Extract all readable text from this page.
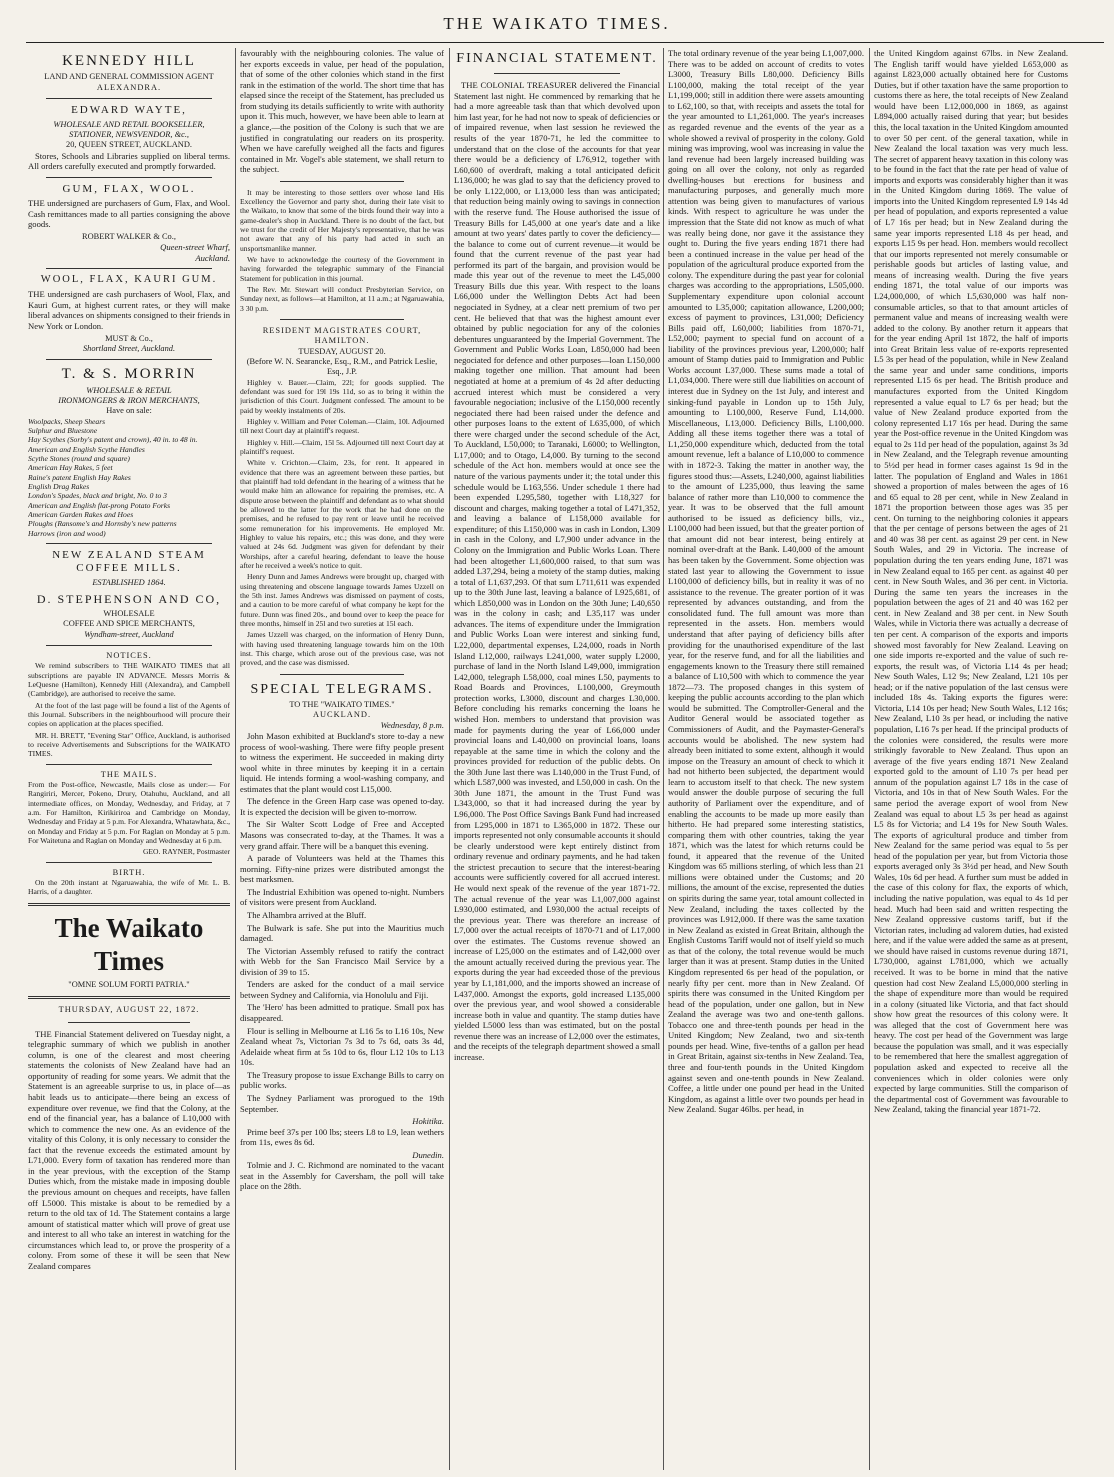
THE WAIKATO TIMES.
KENNEDY HILL
LAND AND GENERAL COMMISSION AGENT
ALEXANDRA.
EDWARD WAYTE,
WHOLESALE AND RETAIL BOOKSELLER,
STATIONER, NEWSVENDOR, &c.,
20, QUEEN STREET, AUCKLAND.

Stores, Schools and Libraries supplied on liberal terms. All orders carefully executed and promptly forwarded.

GUM, FLAX, WOOL.

THE undersigned are purchasers of Gum, Flax, and Wool. Cash remittances made to all parties consigning the above goods.

ROBERT WALKER & Co.,
Queen-street Wharf,
Auckland.
WOOL, FLAX, KAURI GUM.

THE undersigned are cash purchasers of Wool, Flax, and Kauri Gum, at highest current rates, or they will make liberal advances on shipments consigned to their friends in New York or London.

MUST & Co.,
Shortland Street, Auckland.
T. & S. MORRIN
WHOLESALE & RETAIL
IRONMONGERS & IRON MERCHANTS,
Have on sale:
Woolpacks, Sheep Shears
Sulphur and Bluestone
Hay Scythes (Sorby's patent and crown), 40 in. to 48 in.
American and English Scythe Handles
Scythe Stones (round and square)
American Hay Rakes, 5 feet
Raine's patent English Hay Rakes
English Drag Rakes
London's Spades, black and bright, No. 0 to 3
American and English flat-prong Potato Forks
American Garden Rakes and Hoes
Ploughs (Ransome's and Hornsby's new patterns
Harrows (iron and wood)
NEW ZEALAND STEAM COFFEE MILLS.
ESTABLISHED 1864.
D. STEPHENSON AND CO,
WHOLESALE
COFFEE AND SPICE MERCHANTS,
Wyndham-street, Auckland
NOTICES.

We remind subscribers to THE WAIKATO TIMES that all subscriptions are payable IN ADVANCE. Messrs Morris & LeQuesne (Hamilton), Kennedy Hill (Alexandra), and Campbell (Cambridge), are authorised to receive the same.

At the foot of the last page will be found a list of the Agents of this Journal. Subscribers in the neighbourhood will procure their copies on application at the places specified.

MR. H. BRETT, "Evening Star" Office, Auckland, is authorised to receive Advertisements and Subscriptions for the WAIKATO TIMES.

THE MAILS.

From the Post-office, Newcastle, Mails close as under:— For Rangiriri, Mercer, Pokeno, Drury, Otahuhu, Auckland, and all intermediate offices, on Monday, Wednesday, and Friday, at 7 a.m. For Hamilton, Kirikiriroa and Cambridge on Monday, Wednesday and Friday at 5 p.m. For Alexandra, Whatawhata, &c., on Monday and Friday at 5 p.m. For Raglan on Monday at 5 p.m. For Waitetuna and Raglan on Monday and Wednesday at 6 p.m.

GEO. RAYNER, Postmaster
BIRTH.

On the 20th instant at Ngaruawahia, the wife of Mr. L. B. Harris, of a daughter.

The Waikato Times
"OMNE SOLUM FORTI PATRIA."
THURSDAY, AUGUST 22, 1872.

THE Financial Statement delivered on Tuesday night, a telegraphic summary of which we publish in another column, is one of the clearest and most cheering statements the colonists of New Zealand have had an opportunity of reading for some years. We admit that the Statement is an agreeable surprise to us, in place of—as habit leads us to anticipate—there being an excess of expenditure over revenue, we find that the Colony, at the end of the financial year, has a balance of L10,000 with which to commence the new one. As an evidence of the vitality of this Colony, it is only necessary to consider the fact that the revenue exceeds the estimated amount by L71,000. Every form of taxation has rendered more than in the year previous, with the exception of the Stamp Duties which, from the mistake made in imposing double the previous amount on cheques and receipts, have fallen off L5000. This mistake is about to be remedied by a return to the old tax of 1d. The Statement contains a large amount of statistical matter which will prove of great use and interest to all who take an interest in watching for the circumstances which lead to, or prove the prosperity of a colony. From some of these it will be seen that New Zealand compares

favourably with the neighbouring colonies. The value of her exports exceeds in value, per head of the population, that of some of the other colonies which stand in the first rank in the estimation of the world. The short time that has elapsed since the receipt of the Statement, has precluded us from studying its details sufficiently to write with authority upon it. This much, however, we have been able to learn at a glance,—the position of the Colony is such that we are justified in congratulating our readers on its prosperity. When we have carefully weighed all the facts and figures contained in Mr. Vogel's able statement, we shall return to the subject.

It may be interesting to those settlers over whose land His Excellency the Governor and party shot, during their late visit to the Waikato, to know that some of the birds found their way into a game-dealer's shop in Auckland. There is no doubt of the fact, but we trust for the credit of Her Majesty's representative, that he was not aware that any of his party had acted in such an unsportsmanlike manner.

We have to acknowledge the courtesy of the Government in having forwarded the telegraphic summary of the Financial Statement for publication in this journal.

The Rev. Mr. Stewart will conduct Presbyterian Service, on Sunday next, as follows—at Hamilton, at 11 a.m.; at Ngaruawahia, 3 30 p.m.

RESIDENT MAGISTRATES COURT,
HAMILTON.
TUESDAY, AUGUST 20.
(Before W. N. Searancke, Esq., R.M., and Patrick Leslie, Esq., J.P.

Highley v. Bauer.—Claim, 22l; for goods supplied. The defendant was sued for 19l 19s 11d, so as to bring it within the jurisdiction of this Court. Judgment confessed. The amount to be paid by weekly instalments of 20s.

Highley v. William and Peter Coleman.—Claim, 10l. Adjourned till next Court day at plaintiff's request.

Highley v. Hill.—Claim, 15l 5s. Adjourned till next Court day at plaintiff's request.

White v. Crichton.—Claim, 23s, for rent. It appeared in evidence that there was an agreement between these parties, but that plaintiff had told defendant in the hearing of a witness that he would make him an allowance for repairing the premises, etc. A dispute arose between the plaintiff and defendant as to what should be allowed to the latter for the work that he had done on the premises, and he refused to pay rent or leave until he received some remuneration for his improvements. He employed Mr. Highley to value his repairs, etc.; this was done, and they were valued at 24s 6d. Judgment was given for defendant by their Worships, after a careful hearing, defendant to leave the house after he received a week's notice to quit.

Henry Dunn and James Andrews were brought up, charged with using threatening and obscene language towards James Uzzell on the 5th inst. James Andrews was dismissed on payment of costs, and a caution to be more careful of what company he kept for the future. Dunn was fined 20s., and bound over to keep the peace for three months, himself in 25l and two sureties at 15l each.

James Uzzell was charged, on the information of Henry Dunn, with having used threatening language towards him on the 10th inst. This charge, which arose out of the previous case, was not proved, and the case was dismissed.

SPECIAL TELEGRAMS.
TO THE "WAIKATO TIMES."
AUCKLAND.
Wednesday, 8 p.m.

John Mason exhibited at Buckland's store to-day a new process of wool-washing. There were fifty people present to witness the experiment. He succeeded in making dirty wool white in three minutes by keeping it in a certain liquid. He intends forming a wool-washing company, and estimates that the plant would cost L15,000.

The defence in the Green Harp case was opened to-day. It is expected the decision will be given to-morrow.

The Sir Walter Scott Lodge of Free and Accepted Masons was consecrated to-day, at the Thames. It was a very grand affair. There will be a banquet this evening.

A parade of Volunteers was held at the Thames this morning. Fifty-nine prizes were distributed amongst the best marksmen.

The Industrial Exhibition was opened to-night. Numbers of visitors were present from Auckland.

The Alhambra arrived at the Bluff.

The Bulwark is safe. She put into the Mauritius much damaged.

The Victorian Assembly refused to ratify the contract with Webb for the San Francisco Mail Service by a division of 39 to 15.

Tenders are asked for the conduct of a mail service between Sydney and California, via Honolulu and Fiji.

The 'Hero' has been admitted to pratique. Small pox has disappeared.

Flour is selling in Melbourne at L16 5s to L16 10s, New Zealand wheat 7s, Victorian 7s 3d to 7s 6d, oats 3s 4d, Adelaide wheat firm at 5s 10d to 6s, flour L12 10s to L13 10s.

The Treasury propose to issue Exchange Bills to carry on public works.

The Sydney Parliament was prorogued to the 19th September.

Hokitika.

Prime beef 37s per 100 lbs; steers L8 to L9, lean wethers from 11s, ewes 8s 6d.

Dunedin.

Tolmie and J. C. Richmond are nominated to the vacant seat in the Assembly for Caversham, the poll will take place on the 28th.

FINANCIAL STATEMENT.

THE COLONIAL TREASURER delivered the Financial Statement last night. He commenced by remarking that he had a more agreeable task than that which devolved upon him last year, for he had not now to speak of deficiencies or of impaired revenue, when last session he reviewed the results of the year 1870-71, he led the committee to understand that on the close of the accounts for that year there would be a deficiency of L76,912, together with L60,600 of overdraft, making a total anticipated deficit L136,000; he was glad to say that the deficiency proved to be only L122,000, or L13,000 less than was anticipated; that reduction being mainly owing to savings in connection with the reserve fund. The House authorised the issue of Treasury Bills for L45,000 at one year's date and a like amount at two years' dates partly to cover the deficiency—the balance to come out of current revenue—it would be found that the current revenue of the past year had performed its part of the bargain, and provision would be made this year out of the revenue to meet the L45,000 Treasury Bills due this year. With respect to the loans L66,000 under the Wellington Debts Act had been negociated in Sydney, at a clear nett premium of two per cent. He believed that that was the highest amount ever obtained by public negociation for any of the colonies debentures unguaranteed by the Imperial Government. The Government and Public Works Loan, L850,000 had been negociated for defence and other purposes—loan L150,000 making together one million. That amount had been negotiated at home at a premium of 4s 2d after deducting accrued interest which must be considered a very favourable negociation; inclusive of the L150,000 recently negociated there had been raised under the defence and other purposes loans to the extent of L635,000, of which there were charged under the second schedule of the Act, To Auckland, L50,000; to Taranaki, L6000; to Wellington, L17,000; and to Otago, L4,000. By turning to the second schedule of the Act hon. members would at once see the nature of the various payments under it; the total under this schedule would be L163,556. Under schedule 1 there had been expended L295,580, together with L18,327 for discount and charges, making together a total of L471,352, and leaving a balance of L158,000 available for expenditure; of this L150,000 was in cash in London, L309 in cash in the Colony, and L7,900 under advance in the Colony on the Immigration and Public Works Loan. There had been altogether L1,600,000 raised, to that sum was added L37,294, being a moiety of the stamp duties, making a total of L1,637,293. Of that sum L711,611 was expended up to the 30th June last, leaving a balance of L925,681, of which L850,000 was in London on the 30th June; L40,650 was in the colony in cash; and L35,117 was under advances. The items of expenditure under the Immigration and Public Works Loan were interest and sinking fund, L22,000, departmental expenses, L24,000, roads in North Island L12,000, railways L241,000, water supply L2000, purchase of land in the North Island L49,000, immigration L42,000, telegraph L58,000, coal mines L50, payments to Road Boards and Provinces, L100,000, Greymouth protection works, L3000, discount and charges L30,000. Before concluding his remarks concerning the loans he wished Hon. members to understand that provision was made for payments during the year of L66,000 under provincial loans and L40,000 on provincial loans, loans repayable at the same time in which the colony and the provinces provided for reduction of the public debts. On the 30th June last there was L140,000 in the Trust Fund, of which L587,000 was invested, and L50,000 in cash. On the 30th June 1871, the amount in the Trust Fund was L343,000, so that it had increased during the year by L96,000. The Post Office Savings Bank Fund had increased from L295,000 in 1871 to L365,000 in 1872. These our imports represented not only consumable accounts it should be clearly understood were kept entirely distinct from ordinary revenue and ordinary payments, and he had taken the strictest precaution to secure that the interest-bearing accounts were sufficiently covered for all accrued interest. He would next speak of the revenue of the year 1871-72. The actual revenue of the year was L1,007,000 against L930,000 estimated, and L930,000 the actual receipts of the previous year. There was therefore an increase of L7,000 over the actual receipts of 1870-71 and of L17,000 over the estimates. The Customs revenue showed an increase of L25,000 on the estimates and of L42,000 over the amount actually received during the previous year. The exports during the year had exceeded those of the previous year by L1,181,000, and the imports showed an increase of L437,000. Amongst the exports, gold increased L135,000 over the previous year, and wool showed a considerable increase both in value and quantity. The stamp duties have yielded L5000 less than was estimated, but on the postal revenue there was an increase of L2,000 over the estimates, and the receipts of the telegraph department showed a small increase.

The total ordinary revenue of the year being L1,007,000. There was to be added on account of credits to votes L3000, Treasury Bills L80,000. Deficiency Bills L100,000, making the total receipt of the year L1,199,000; still in addition there were assets amounting to L62,100, so that, with receipts and assets the total for the year amounted to L1,261,000. The year's increases as regarded revenue and the events of the year as a whole showed a revival of prosperity in the colony. Gold mining was improving, wool was increasing in value the land revenue had been largely increased building was going on all over the colony, not only as regarded dwelling-houses but erections for business and manufacturing purposes, and generally much more attention was being given to manufactures of various kinds. With respect to agriculture he was under the impression that the State did not know as much of what was really being done, nor gave it the assistance they ought to. During the five years ending 1871 there had been a continued increase in the value per head of the population of the agricultural produce exported from the colony. The expenditure during the past year for colonial charges was according to the appropriations, L505,000. Supplementary expenditure upon colonial account amounted to L35,000; capitation allowance, L200,000; excess of payment to provinces, L31,000; Deficiency Bills paid off, L60,000; liabilities from 1870-71, L52,000; payment to special fund on account of a liability of the provinces previous year, L200,000; half amount of Stamp duties paid to Immigration and Public Works account L37,000. These sums made a total of L1,034,000. There were still due liabilities on account of interest due in Sydney on the 1st July, and interest and sinking-fund payable in London up to 15th July, amounting to L100,000, Reserve Fund, L14,000. Miscellaneous, L13,000. Deficiency Bills, L100,000. Adding all these items together there was a total of L1,250,000 expenditure which, deducted from the total amount revenue, left a balance of L10,000 to commence with in 1872-3. Taking the matter in another way, the figures stood thus:—Assets, L240,000, against liabilities to the amount of L235,000, thus leaving the same balance of rather more than L10,000 to commence the year. It was to be observed that the full amount authorised to be issued as deficiency bills, viz., L100,000 had been issued, but that the greater portion of that amount did not bear interest, being entirely at nominal over-draft at the Bank. L40,000 of the amount has been taken by the Government. Some objection was stated last year to allowing the Government to issue L100,000 of deficiency bills, but in reality it was of no assistance to the revenue. The greater portion of it was represented by advances outstanding, and from the consolidated fund. The full amount was more than represented in the assets. Hon. members would understand that after paying of deficiency bills after providing for the unauthorised expenditure of the last year, for the reserve fund, and for all the liabilities and engagements known to the Treasury there still remained a balance of L10,500 with which to commence the year 1872—73. The proposed changes in this system of keeping the public accounts according to the plan which would be submitted. The Comptroller-General and the Auditor General would be associated together as Commissioners of Audit, and the Paymaster-General's accounts would be abolished. The new system had already been initiated to some extent, although it would impose on the Treasury an amount of check to which it had not hitherto been subjected, the department would learn to accustom itself to that check. The new system would answer the double purpose of securing the full authority of Parliament over the expenditure, and of enabling the accounts to be made up more easily than hitherto. He had prepared some interesting statistics, comparing them with other countries, taking the year 1871, which was the latest for which returns could be found, it appeared that the revenue of the United Kingdom was 65 millions sterling, of which less than 21 millions were obtained under the Customs; and 20 millions, the amount of the excise, represented the duties on spirits during the same year, total amount collected in New Zealand, including the taxes collected by the provinces was L912,000. If there was the same taxation in New Zealand as existed in Great Britain, although the English Customs Tariff would not of itself yield so much as that of the colony, the total revenue would be much larger than it was at present. Stamp duties in the United Kingdom represented 6s per head of the population, or nearly fifty per cent. more than in New Zealand. Of spirits there was consumed in the United Kingdom per head of the population, under one gallon, but in New Zealand the average was two and one-tenth gallons. Tobacco one and three-tenth pounds per head in the United Kingdom; New Zealand, two and six-tenth pounds per head. Wine, five-tenths of a gallon per head in Great Britain, against six-tenths in New Zealand. Tea, three and four-tenth pounds in the United Kingdom against seven and one-tenth pounds in New Zealand. Coffee, a little under one pound per head in the United Kingdom, as against a little over two pounds per head in New Zealand. Sugar 46lbs. per head, in

the United Kingdom against 67lbs. in New Zealand. The English tariff would have yielded L653,000 as against L823,000 actually obtained here for Customs Duties, but if other taxation have the same proportion to customs there as here, the total receipts of New Zealand would have been L12,000,000 in 1869, as against L894,000 actually raised during that year; but besides this, the local taxation in the United Kingdom amounted to over 50 per cent. of the general taxation, while in New Zealand the local taxation was very much less. The secret of apparent heavy taxation in this colony was to be found in the fact that the rate per head of value of imports and exports was considerably higher than it was in the United Kingdom during 1869. The value of imports into the United Kingdom represented L9 14s 4d per head of population, and exports represented a value of L7 16s per head; but in New Zealand during the same year imports represented L18 4s per head, and exports L15 9s per head. Hon. members would recollect that our imports represented not merely consumable or perishable goods but articles of lasting value, and means of increasing wealth. During the five years ending 1871, the total value of our imports was L24,000,000, of which L5,630,000 was half non-consumable articles, so that to that amount articles of permanent value and means of increasing wealth were added to the colony. By another return it appears that for the year ending April 1st 1872, the half of imports into Great Britain less value of re-exports represented L5 3s per head of the population, while in New Zealand the same year and under same conditions, imports represented L15 6s per head. The British produce and manufactures exported from the United Kingdom represented a value equal to L7 6s per head; but the value of New Zealand produce exported from the colony represented L17 16s per head. During the same year the Post-office revenue in the United Kingdom was equal to 2s 11d per head of the population, against 3s 3d in New Zealand, and the Telegraph revenue amounting to 5½d per head in former cases against 1s 9d in the latter. The population of England and Wales in 1861 showed a proportion of males between the ages of 16 and 65 equal to 28 per cent, while in New Zealand in 1871 the proportion between those ages was 35 per cent. On turning to the neighboring colonies it appears that the per centage of persons between the ages of 21 and 40 was 38 per cent. as against 29 per cent. in New South Wales, and 29 in Victoria. The increase of population during the ten years ending June, 1871 was in New Zealand equal to 165 per cent. as against 40 per cent. in New South Wales, and 36 per cent. in Victoria. During the same ten years the increases in the population between the ages of 21 and 40 was 162 per cent. in New Zealand and 38 per cent. in New South Wales, while in Victoria there was actually a decrease of ten per cent. A comparison of the exports and imports showed most favorably for New Zealand. Leaving on one side imports re-exported and the value of such re-exports, the result was, of Victoria L14 4s per head; New South Wales, L12 9s; New Zealand, L21 10s per head; or if the native population of the last census were included 18s 4s. Taking exports the figures were: Victoria, L14 10s per head; New South Wales, L12 16s; New Zealand, L10 3s per head, or including the native population, L16 7s per head. If the principal products of the colonies were considered, the results were more strikingly favorable to New Zealand. Thus upon an average of the five years ending 1871 New Zealand exported gold to the amount of L10 7s per head per annum of the population against L7 18s in the case of Victoria, and 10s in that of New South Wales. For the same period the average export of wool from New Zealand was equal to about L5 3s per head as against L5 8s for Victoria; and L4 19s for New South Wales. The exports of agricultural produce and timber from New Zealand for the same period was equal to 5s per head of the population per year, but from Victoria those exports averaged only 3s 3½d per head, and New South Wales, 10s 6d per head. A further sum must be added in the case of this colony for flax, the exports of which, including the native population, was equal to 4s 1d per head. Much had been said and written respecting the New Zealand oppressive customs tariff, but if the Victorian rates, including ad valorem duties, had existed here, and if the value were added the same as at present, we should have raised in customs revenue during 1871, L730,000, against L781,000, which we actually received. It was to be borne in mind that the native question had cost New Zealand L5,000,000 sterling in the shape of expenditure more than would be required in a colony (situated like Victoria, and that fact should show how great the resources of this colony were. It was alleged that the cost of Government here was heavy. The cost per head of the Government was large because the population was small, and it was especially to be remembered that here the smallest aggregation of population asked and expected to receive all the conveniences which in older colonies were only expected by large communities. Still the comparison of the departmental cost of Government was favourable to New Zealand, taking the financial year 1871-72.
